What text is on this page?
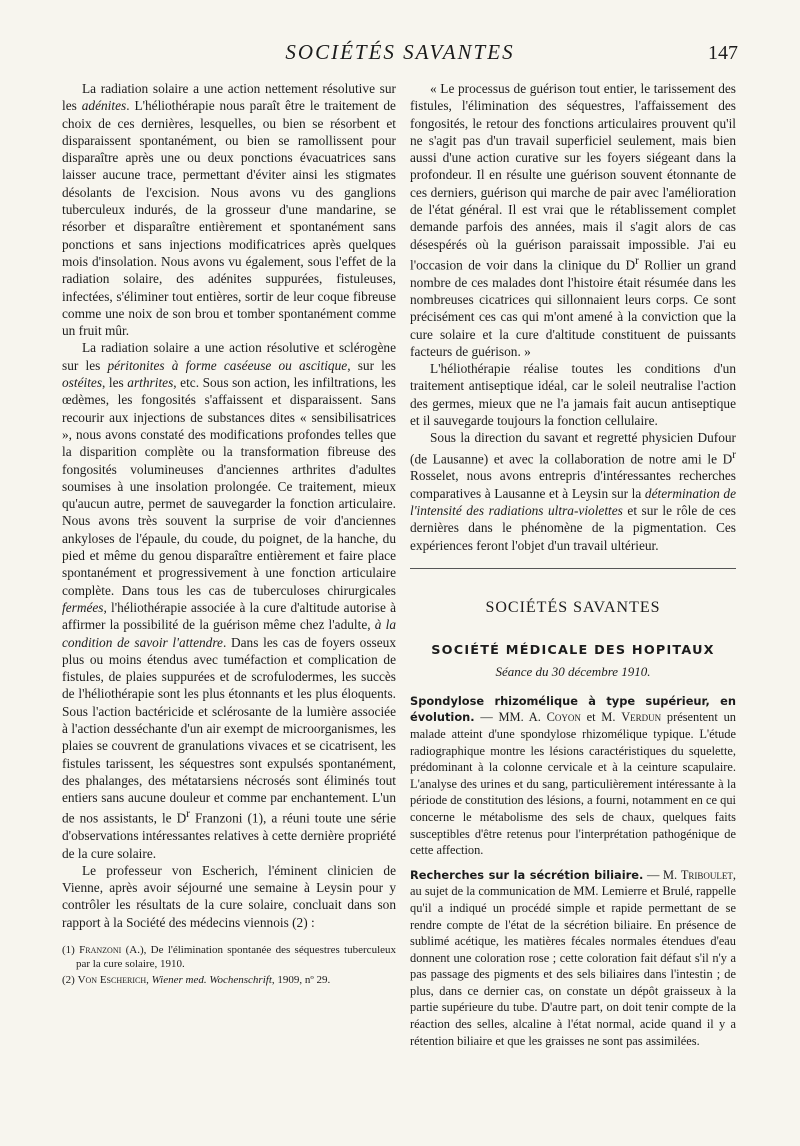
SOCIÉTÉS SAVANTES	147

La radiation solaire a une action nettement résolutive sur les adénites. L'héliothérapie nous paraît être le traitement de choix de ces dernières, lesquelles, ou bien se résorbent et disparaissent spontanément, ou bien se ramollissent pour disparaître après une ou deux ponctions évacuatrices sans laisser aucune trace, permettant d'éviter ainsi les stigmates désolants de l'excision. Nous avons vu des ganglions tuberculeux indurés, de la grosseur d'une mandarine, se résorber et disparaître entièrement et spontanément sans ponctions et sans injections modificatrices après quelques mois d'insolation. Nous avons vu également, sous l'effet de la radiation solaire, des adénites suppurées, fistuleuses, infectées, s'éliminer tout entières, sortir de leur coque fibreuse comme une noix de son brou et tomber spontanément comme un fruit mûr.

La radiation solaire a une action résolutive et sclérogène sur les péritonites à forme caséeuse ou ascitique, sur les ostéites, les arthrites, etc. Sous son action, les infiltrations, les œdèmes, les fongosités s'affaissent et disparaissent. Sans recourir aux injections de substances dites « sensibilisatrices », nous avons constaté des modifications profondes telles que la disparition complète ou la transformation fibreuse des fongosités volumineuses d'anciennes arthrites d'adultes soumises à une insolation prolongée. Ce traitement, mieux qu'aucun autre, permet de sauvegarder la fonction articulaire. Nous avons très souvent la surprise de voir d'anciennes ankyloses de l'épaule, du coude, du poignet, de la hanche, du pied et même du genou disparaître entièrement et faire place spontanément et progressivement à une fonction articulaire complète. Dans tous les cas de tuberculoses chirurgicales fermées, l'héliothérapie associée à la cure d'altitude autorise à affirmer la possibilité de la guérison même chez l'adulte, à la condition de savoir l'attendre. Dans les cas de foyers osseux plus ou moins étendus avec tuméfaction et complication de fistules, de plaies suppurées et de scrofulodermes, les succès de l'héliothérapie sont les plus étonnants et les plus éloquents. Sous l'action bactéricide et sclérosante de la lumière associée à l'action desséchante d'un air exempt de microorganismes, les plaies se couvrent de granulations vivaces et se cicatrisent, les fistules tarissent, les séquestres sont expulsés spontanément, des phalanges, des métatarsiens nécrosés sont éliminés tout entiers sans aucune douleur et comme par enchantement. L'un de nos assistants, le $D^r$ Franzoni (1), a réuni toute une série d'observations intéressantes relatives à cette dernière propriété de la cure solaire.

Le professeur von Escherich, l'éminent clinicien de Vienne, après avoir séjourné une semaine à Leysin pour y contrôler les résultats de la cure solaire, concluait dans son rapport à la Société des médecins viennois (2) :

(1) Franzoni (A.), De l'élimination spontanée des séquestres tuberculeux par la cure solaire, 1910.

(2) Von Escherich, Wiener med. Wochenschrift, 1909, nº 29.

« Le processus de guérison tout entier, le tarissement des fistules, l'élimination des séquestres, l'affaissement des fongosités, le retour des fonctions articulaires prouvent qu'il ne s'agit pas d'un travail superficiel seulement, mais bien aussi d'une action curative sur les foyers siégeant dans la profondeur. Il en résulte une guérison souvent étonnante de ces derniers, guérison qui marche de pair avec l'amélioration de l'état général. Il est vrai que le rétablissement complet demande parfois des années, mais il s'agit alors de cas désespérés où la guérison paraissait impossible. J'ai eu l'occasion de voir dans la clinique du $D^r$ Rollier un grand nombre de ces malades dont l'histoire était résumée dans les nombreuses cicatrices qui sillonnaient leurs corps. Ce sont précisément ces cas qui m'ont amené à la conviction que la cure solaire et la cure d'altitude constituent de puissants facteurs de guérison. »

L'héliothérapie réalise toutes les conditions d'un traitement antiseptique idéal, car le soleil neutralise l'action des germes, mieux que ne l'a jamais fait aucun antiseptique et il sauvegarde toujours la fonction cellulaire.

Sous la direction du savant et regretté physicien Dufour (de Lausanne) et avec la collaboration de notre ami le $D^r$ Rosselet, nous avons entrepris d'intéressantes recherches comparatives à Lausanne et à Leysin sur la détermination de l'intensité des radiations ultra-violettes et sur le rôle de ces dernières dans le phénomène de la pigmentation. Ces expériences feront l'objet d'un travail ultérieur.

SOCIÉTÉS SAVANTES
SOCIÉTÉ MÉDICALE DES HOPITAUX
Séance du 30 décembre 1910.

Spondylose rhizomélique à type supérieur, en évolution. — MM. A. Coyon et M. Verdun présentent un malade atteint d'une spondylose rhizomélique typique. L'étude radiographique montre les lésions caractéristiques du squelette, prédominant à la colonne cervicale et à la ceinture scapulaire. L'analyse des urines et du sang, particulièrement intéressante à la période de constitution des lésions, a fourni, notamment en ce qui concerne le métabolisme des sels de chaux, quelques faits susceptibles d'être retenus pour l'interprétation pathogénique de cette affection.

Recherches sur la sécrétion biliaire. — M. Triboulet, au sujet de la communication de MM. Lemierre et Brulé, rappelle qu'il a indiqué un procédé simple et rapide permettant de se rendre compte de l'état de la sécrétion biliaire. En présence de sublimé acétique, les matières fécales normales étendues d'eau donnent une coloration rose ; cette coloration fait défaut s'il n'y a pas passage des pigments et des sels biliaires dans l'intestin ; de plus, dans ce dernier cas, on constate un dépôt graisseux à la partie supérieure du tube. D'autre part, on doit tenir compte de la réaction des selles, alcaline à l'état normal, acide quand il y a rétention biliaire et que les graisses ne sont pas assimilées.
